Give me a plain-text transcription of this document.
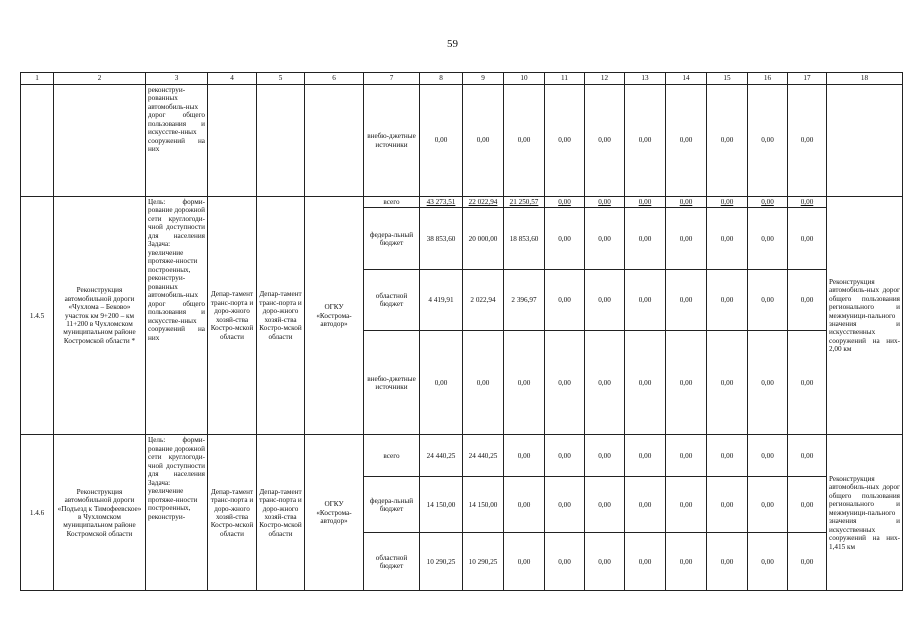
59
1	2	3	4	5	6	7	8	9	10	11	12	13	14	15	16	17	18
		реконструи-рованных автомобиль-ных дорог общего пользования и искусстве-нных сооружений на них				внебю-джетные источники	0,00	0,00	0,00	0,00	0,00	0,00	0,00	0,00	0,00	0,00	
1.4.5	Реконструкция автомобильной дороги «Чухлома – Беково» участок км 9+200 – км 11+200 в Чухломском муниципальном районе Костромской области *	Цель: форми-рование дорожной сети круглогоди-чной доступности для населения Задача: увеличение протяже-нности построенных, реконструи-рованных автомобиль-ных дорог общего пользования и искусстве-нных сооружений на них	Депар-тамент транс-порта и доро-жного хозяй-ства Костро-мской области	Депар-тамент транс-порта и доро-жного хозяй-ства Костро-мской области	ОГКУ «Кострома-автодор»	всего	43 273,51	22 022,94	21 250,57	0,00	0,00	0,00	0,00	0,00	0,00	0,00	Реконструкция автомобиль-ных дорог общего пользования регионального и межмуници-пального значения и искусственных сооружений на них- 2,00 км
						федера-льный бюджет	38 853,60	20 000,00	18 853,60	0,00	0,00	0,00	0,00	0,00	0,00	0,00	
						областной бюджет	4 419,91	2 022,94	2 396,97	0,00	0,00	0,00	0,00	0,00	0,00	0,00	
						внебю-джетные источники	0,00	0,00	0,00	0,00	0,00	0,00	0,00	0,00	0,00	0,00	
1.4.6	Реконструкция автомобильной дороги «Подъезд к Тимофеевское» в Чухломском муниципальном районе Костромской области	Цель: форми-рование дорожной сети круглогоди-чной доступности для населения Задача: увеличение протяже-нности построенных, реконструи-	Депар-тамент транс-порта и доро-жного хозяй-ства Костро-мской области	Депар-тамент транс-порта и доро-жного хозяй-ства Костро-мской области	ОГКУ «Кострома-автодор»	всего	24 440,25	24 440,25	0,00	0,00	0,00	0,00	0,00	0,00	0,00	0,00	Реконструкция автомобиль-ных дорог общего пользования регионального и межмуници-пального значения и искусственных сооружений на них- 1,415 км
						федера-льный бюджет	14 150,00	14 150,00	0,00	0,00	0,00	0,00	0,00	0,00	0,00	0,00	
						областной бюджет	10 290,25	10 290,25	0,00	0,00	0,00	0,00	0,00	0,00	0,00	0,00	
